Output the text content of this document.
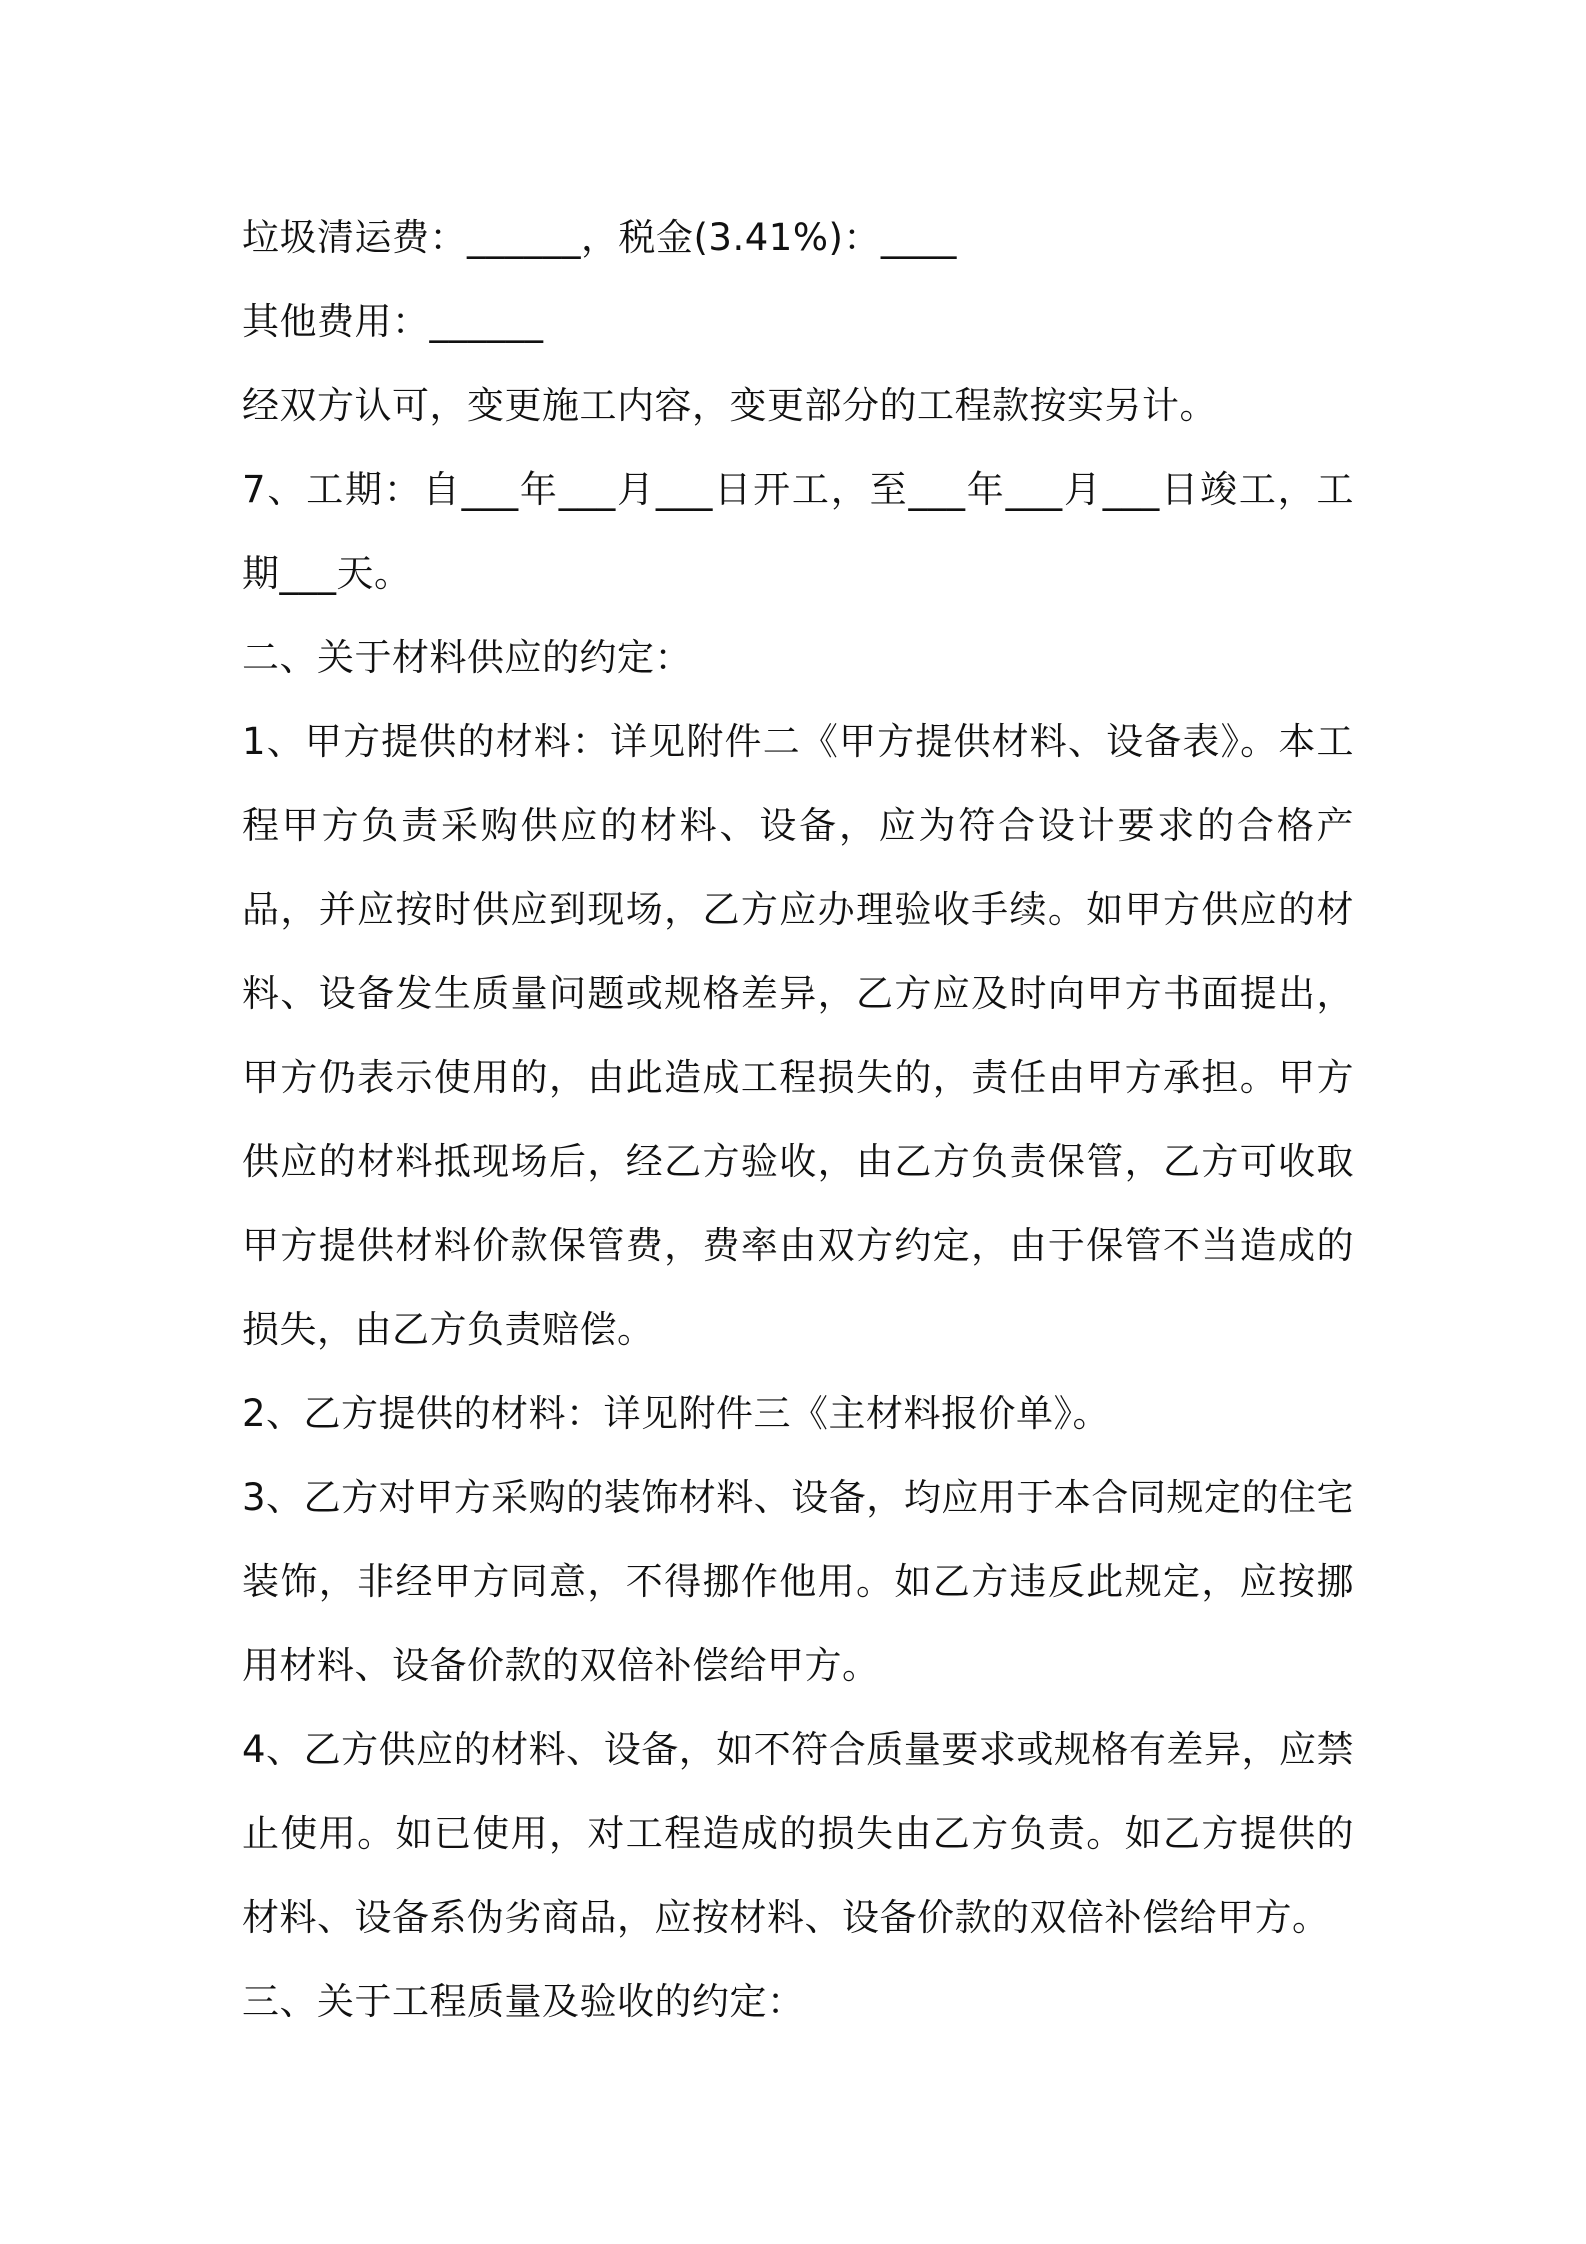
垃圾清运费：______，税金(3.41%)：____

其他费用：______

经双方认可，变更施工内容，变更部分的工程款按实另计。

7、工期：自___年___月___日开工，至___年___月___日竣工，工期___天。

二、关于材料供应的约定：

1、甲方提供的材料：详见附件二《甲方提供材料、设备表》。本工程甲方负责采购供应的材料、设备，应为符合设计要求的合格产品，并应按时供应到现场，乙方应办理验收手续。如甲方供应的材料、设备发生质量问题或规格差异，乙方应及时向甲方书面提出，甲方仍表示使用的，由此造成工程损失的，责任由甲方承担。甲方供应的材料抵现场后，经乙方验收，由乙方负责保管，乙方可收取甲方提供材料价款保管费，费率由双方约定，由于保管不当造成的损失，由乙方负责赔偿。

2、乙方提供的材料：详见附件三《主材料报价单》。

3、乙方对甲方采购的装饰材料、设备，均应用于本合同规定的住宅装饰，非经甲方同意，不得挪作他用。如乙方违反此规定，应按挪用材料、设备价款的双倍补偿给甲方。

4、乙方供应的材料、设备，如不符合质量要求或规格有差异，应禁止使用。如已使用，对工程造成的损失由乙方负责。如乙方提供的材料、设备系伪劣商品，应按材料、设备价款的双倍补偿给甲方。

三、关于工程质量及验收的约定：
